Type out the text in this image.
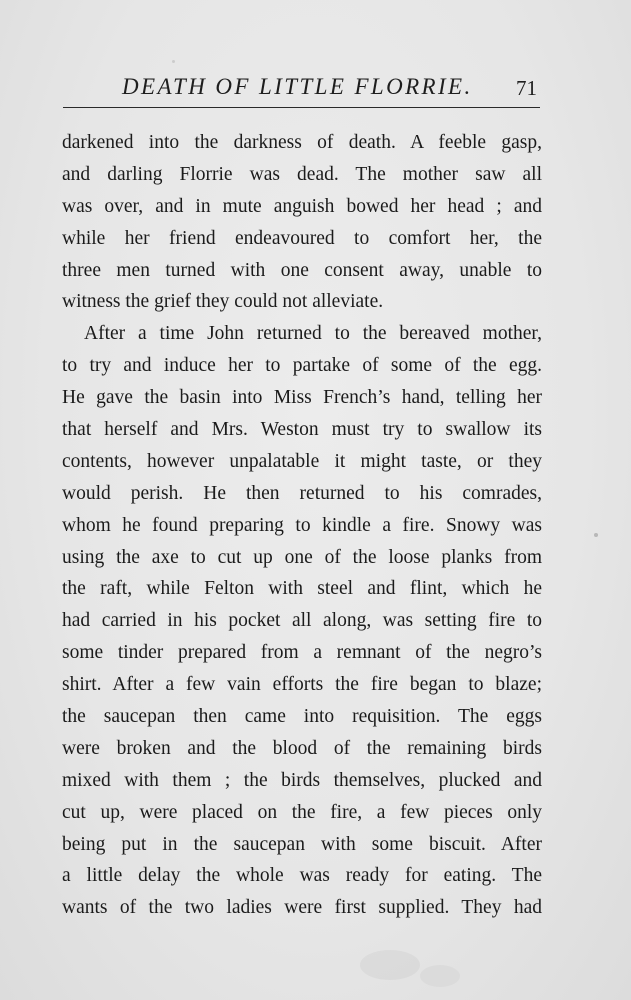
DEATH OF LITTLE FLORRIE.	71
darkened into the darkness of death. A feeble gasp,
and darling Florrie was dead. The mother saw all
was over, and in mute anguish bowed her head ; and
while her friend endeavoured to comfort her, the
three men turned with one consent away, unable to
witness the grief they could not alleviate.
After a time John returned to the bereaved mother,
to try and induce her to partake of some of the egg.
He gave the basin into Miss French’s hand, telling her
that herself and Mrs. Weston must try to swallow its
contents, however unpalatable it might taste, or they
would perish. He then returned to his comrades,
whom he found preparing to kindle a fire. Snowy was
using the axe to cut up one of the loose planks from
the raft, while Felton with steel and flint, which he
had carried in his pocket all along, was setting fire to
some tinder prepared from a remnant of the negro’s
shirt. After a few vain efforts the fire began to blaze;
the saucepan then came into requisition. The eggs
were broken and the blood of the remaining birds
mixed with them ; the birds themselves, plucked and
cut up, were placed on the fire, a few pieces only
being put in the saucepan with some biscuit. After
a little delay the whole was ready for eating. The
wants of the two ladies were first supplied. They had
